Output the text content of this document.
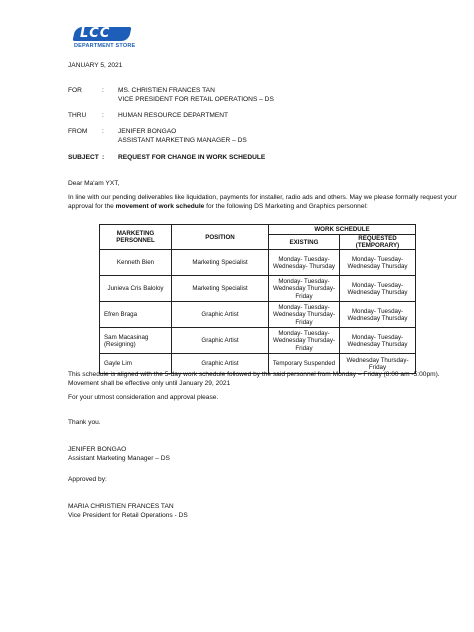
LCC
DEPARTMENT STORE
JANUARY 5, 2021
FOR	: MS. CHRISTIEN FRANCES TAN
VICE PRESIDENT FOR RETAIL OPERATIONS – DS
THRU : HUMAN RESOURCE DEPARTMENT
FROM : JENIFER BONGAO
ASSISTANT MARKETING MANAGER – DS
SUBJECT : REQUEST FOR CHANGE IN WORK SCHEDULE
Dear Ma'am YXT,
In line with our pending deliverables like liquidation, payments for installer, radio ads and others. May we please formally request your approval for the movement of work schedule for the following DS Marketing and Graphics personnel:
MARKETING PERSONNEL	POSITION	WORK SCHEDULE	
		EXISTING	REQUESTED (TEMPORARY)
Kenneth Bien	Marketing Specialist	Monday- Tuesday- Wednesday- Thursday	Monday- Tuesday- Wednesday Thursday
Junieva Cris Baloloy	Marketing Specialist	Monday- Tuesday- Wednesday Thursday- Friday	Monday- Tuesday- Wednesday Thursday
Efren Braga	Graphic Artist	Monday- Tuesday- Wednesday Thursday- Friday	Monday- Tuesday- Wednesday Thursday
Sam Macasinag (Resigning)	Graphic Artist	Monday- Tuesday- Wednesday Thursday- Friday	Monday- Tuesday- Wednesday Thursday
Gayle Lim	Graphic Artist	Temporary Suspended	Wednesday Thursday- Friday
This schedule is aligned with the 5-day work schedule followed by the said personnel from Monday – Friday (8:00 am -5:00pm). Movement shall be effective only until January 29, 2021
For your utmost consideration and approval please.
Thank you.
JENIFER BONGAO
Assistant Marketing Manager – DS
Approved by:
MARIA CHRISTIEN FRANCES TAN
Vice President for Retail Operations - DS
